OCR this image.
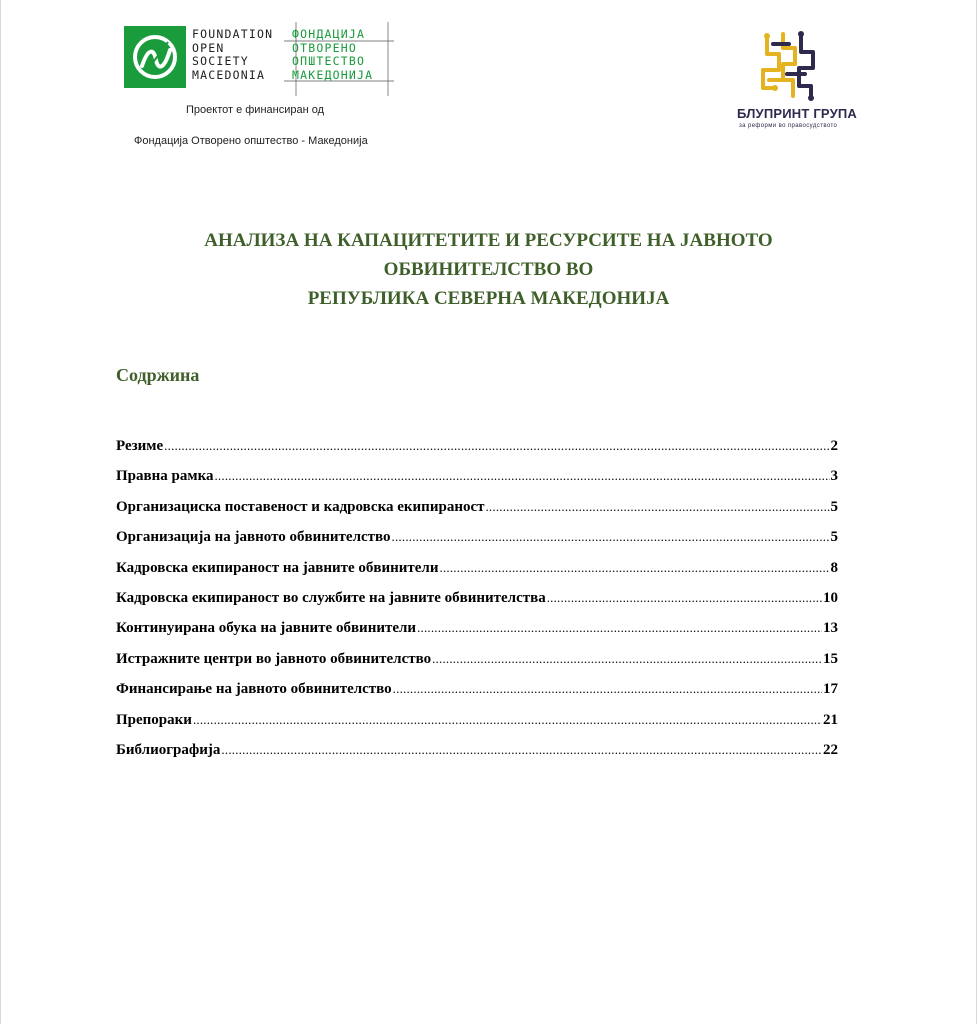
FOUNDATION ФОНДАЦИЈА
OPEN	ОТВОРЕНО
SOCIETY	ОПШТЕСТВО
MACEDONIA МАКЕДОНИЈА
Проектот е финансиран од
Фондација Отворено општество - Македонија
БЛУПРИНТ ГРУПА
за реформи во правосудството
АНАЛИЗА НА КАПАЦИТЕТИТЕ И РЕСУРСИТЕ НА ЈАВНОТО
ОБВИНИТЕЛСТВО ВО
РЕПУБЛИКА СЕВЕРНА МАКЕДОНИЈА
Содржина
Резиме .....	2
Правна рамка .....	3
Организациска поставеност и кадровска екипираност .....	5
Организација на јавното обвинителство .....	5
Кадровска екипираност на јавните обвинители .....	8
Кадровска екипираност во службите на јавните обвинителства .....	10
Континуирана обука на јавните обвинители .....	13
Истражните центри во јавното обвинителство .....	15
Финансирање на јавното обвинителство .....	17
Препораки .....	21
Библиографија .....	22
